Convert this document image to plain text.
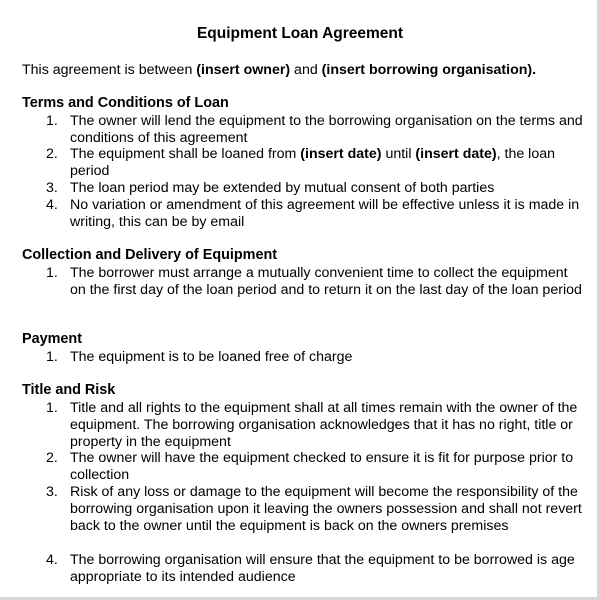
Equipment Loan Agreement
This agreement is between (insert owner) and (insert borrowing organisation).
Terms and Conditions of Loan
1. The owner will lend the equipment to the borrowing organisation on the terms and conditions of this agreement
2. The equipment shall be loaned from (insert date) until (insert date), the loan period
3. The loan period may be extended by mutual consent of both parties
4. No variation or amendment of this agreement will be effective unless it is made in writing, this can be by email
Collection and Delivery of Equipment
1. The borrower must arrange a mutually convenient time to collect the equipment on the first day of the loan period and to return it on the last day of the loan period
Payment
1. The equipment is to be loaned free of charge
Title and Risk
1. Title and all rights to the equipment shall at all times remain with the owner of the equipment. The borrowing organisation acknowledges that it has no right, title or property in the equipment
2. The owner will have the equipment checked to ensure it is fit for purpose prior to collection
3. Risk of any loss or damage to the equipment will become the responsibility of the borrowing organisation upon it leaving the owners possession and shall not revert back to the owner until the equipment is back on the owners premises
4. The borrowing organisation will ensure that the equipment to be borrowed is age appropriate to its intended audience
